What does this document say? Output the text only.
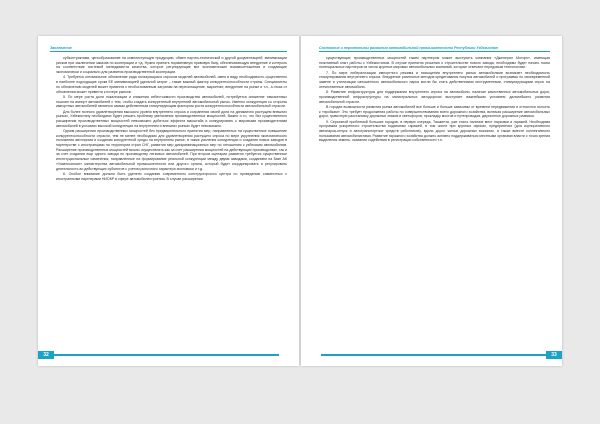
Заключение

субконтрактами, ценообразование на комплектующую продукцию, обмен научно-технической и другой документацией, минимизации рисков при заключении заказов по кооперации и т.д. Нужно принять нормативную правовую базу, обеспечивающую внедрение и контроль на соответствие системой менеджмента качества, которое регулирующие все экономические взаимоотношения и создающие экономически и социально для развития производственной кооперации.

4. Требуется оптимальное обновление ряда пользующихся спросом моделей автомобилей, имея в виду необходимость существенно в наиболее подходящие сроки ЕЕ минимизацией удельной затрат – также важный фактор конкурентоспособности страны. Специалисты по обновлению моделей может привести к необоснованным затратам на переоснащение, маркетинг, внедрение на рынке и т.п., а отказ от обновления может привести к потере рынков.

5. По мере роста доли локализации и снижения себестоимости производства автомобилей, потребуется снижение таможенных пошлин на импорт автомобилей с тем, чтобы создать конкурентный внутренний автомобильный рынок. Именно конкуренция со стороны импортных автомобилей является самым действенным стимулирующим фактором роста конкурентоспособности автомобильной отрасли.

Для более полного удовлетворения высокого уровня внутреннего спроса и сохранения своей доли на динамично растущем внешних рынках, Узбекистану необходимо будет решать проблему увеличения производственных мощностей. Важно и то, что без существенного расширения производственных мощностей невозможно добиться эффекта масштаба и конкурировать с мировыми производителями автомобилей в условиях высокой конкуренции на внутреннем и внешних рынках будет невозможно.

Одним расширения производственных мощностей без предварительного принятия мер, направленных на существенное повышение конкурентоспособности отрасли, тем не менее необходимо для удовлетворения растущего спроса по мере укрупнения экономического положения автопрома и создания конкурентной среды на внутреннем рынке, в также усиления конкуренции и создания новых заводов в партнерстве с иностранцами на территории стран СНГ, развития мер дискриминационных мер по отношению к узбекским автомобилям. Расширение производственных мощностей можно осуществлять как за счет расширения мощностей на действующих производствах, так и за счет создания еще одного завода по производству легковых автомобилей. При втором сценарии развития требуется существенные институциональные изменения, направленные на формирование реальной конкуренции между двумя заводами, созданием на базе АК «Узавтосаноат» министерства автомобильной промышленности или другого органа, который будет координировать и регулировать деятельность во действующих субъектов с учетом рыночного характера экономики и т.д.

6. Особое внимание должно быть уделено созданию современного конструкторского центра по проведению совместных с иностранными партнерами НИОКР в сфере автомобилестроения. В случае расширения

32
Состояние и перспективы развития автомобильной промышленности Республики Узбекистан

существующих производственных мощностей таким партнером может выступить компания «Дженерал Моторс», имеющая позитивный опыт работы с Узбекистаном. В случае принятия решения о строительстве нового завода, необходимо будет начать поиск потенциальных партнеров из числа крупных мировых автомобильных компаний, которые отвечают передовым технологиям.

7. По мере либерализации импортного режима и насыщения внутреннего рынка автомобилями возникает необходимость стимулирования внутреннего спроса. Внедрение различных методов кредитования покупок автомобилей и программы по своевременной замене и утилизации изношенного автомобильного парка могли бы стать действенными инструментами, стимулирующими спрос на отечественные автомобили.

8. Развитие инфраструктуры для поддержания внутреннего спроса на автомобили, наличие качественных автомобильных дорог, производственной инфраструктуры на магистральных автодорогах выступает важнейшим условием дальнейшего развития автомобильной отрасли.

В городах возможности развития рынка автомобилей все больше и больше зависимы от времени передвижения и относится полость к «пробкам». Это требует продолжения работы по совершенствованию всего дорожного хозяйства, включая расширение автомобильных дорог, грамотную расстановку дорожных знаков и светофоров, прокладку мостов и путепроводов, двухзонное дорожных развязок.

9. Серьезной проблемой больших городов, в первую очередь, Ташкента, уже стало наличие мест парковки и гаражей. Необходима программа ускоренного строительства подземных гаражей, в том числе при крупных офисах, предприятиях (для корпоративного автопарка-отпуск и автотранспортное средств работников), вдоль дорог, жилых дорожных вокзалах, а также вместе коллективного пользования автомобилистами. Развитие гаражного хозяйства должно активно поддерживаться местными органами власти с точки зрения выделения земель, оказания содействия в регистрации собственности т.п.

33
